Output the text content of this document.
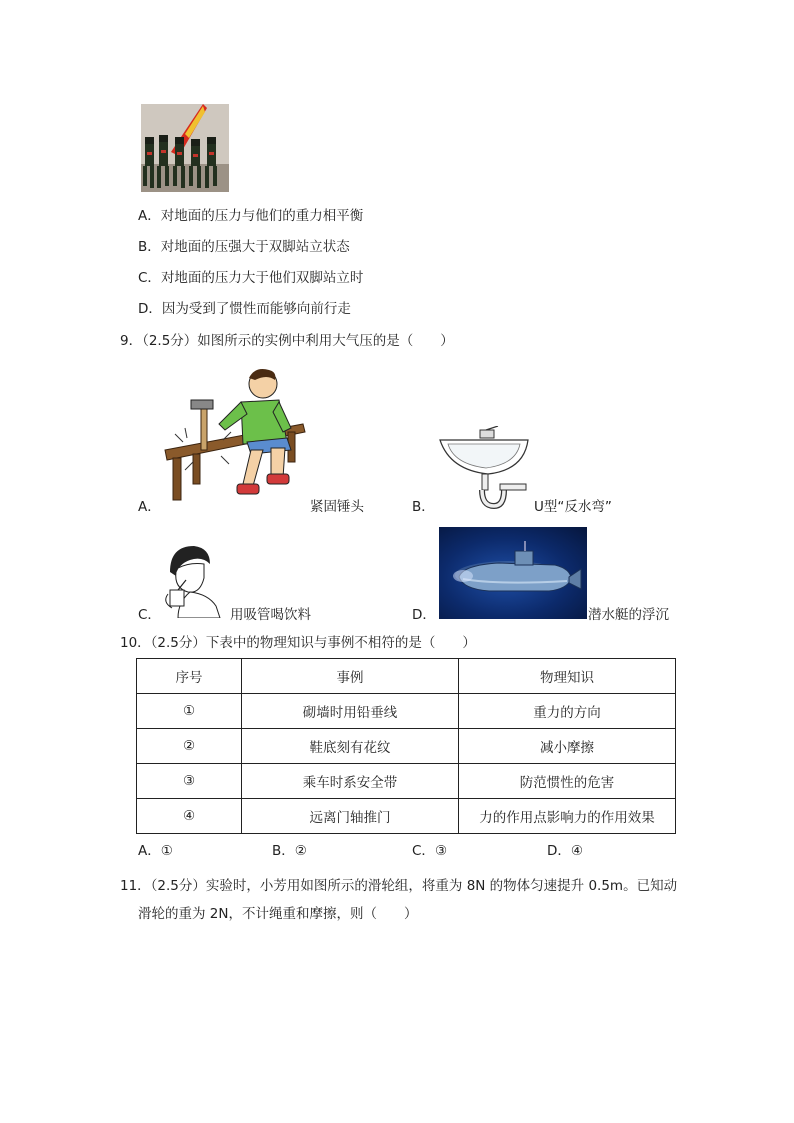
A．对地面的压力与他们的重力相平衡
B．对地面的压强大于双脚站立状态
C．对地面的压力大于他们双脚站立时
D．因为受到了惯性而能够向前行走
9．（2.5分）如图所示的实例中利用大气压的是（　　）
A．	紧固锤头	B．	U型“反水弯”
C．	用吸管喝饮料	D．	潜水艇的浮沉
10．（2.5分）下表中的物理知识与事例不相符的是（　　）
序号	事例	物理知识
①	砌墙时用铅垂线	重力的方向
②	鞋底刻有花纹	减小摩擦
③	乘车时系安全带	防范惯性的危害
④	远离门轴推门	力的作用点影响力的作用效果
A．①	B．②	C．③	D．④
11．（2.5分）实验时，小芳用如图所示的滑轮组，将重为 8N 的物体匀速提升 0.5m。已知动
滑轮的重为 2N，不计绳重和摩擦，则（　　）
